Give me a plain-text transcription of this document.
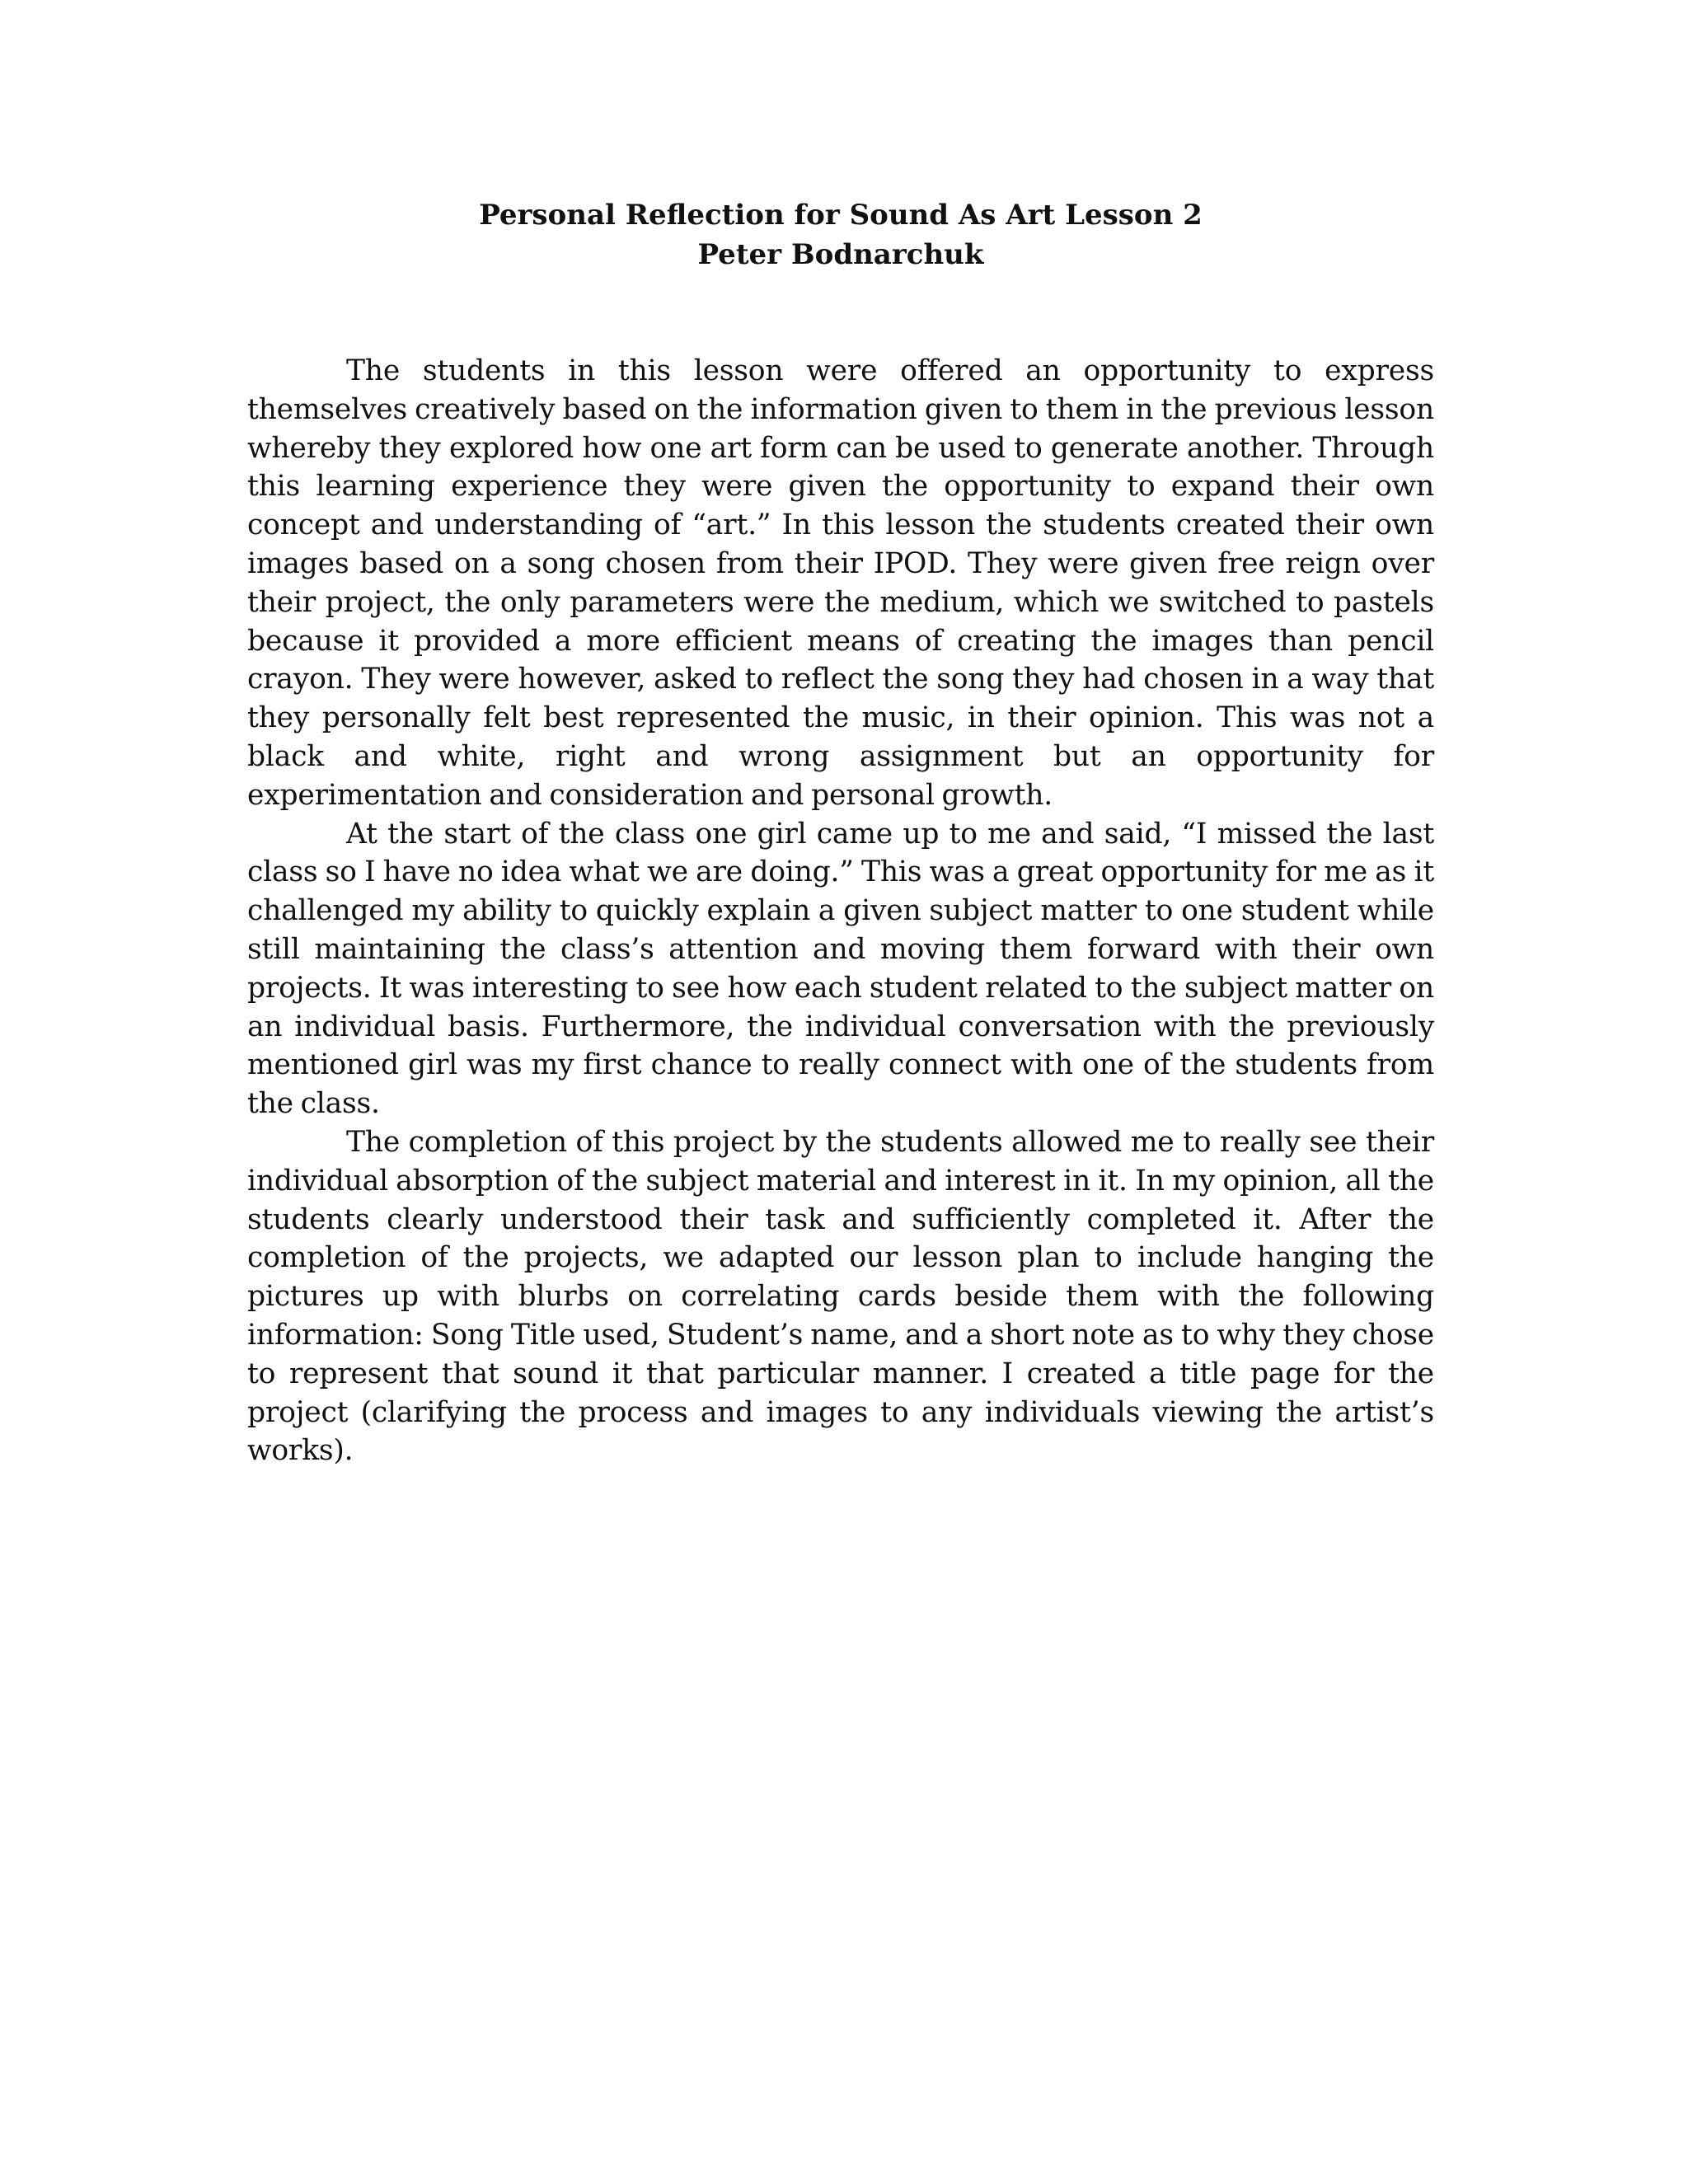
Personal Reflection for Sound As Art Lesson 2
Peter Bodnarchuk

The students in this lesson were offered an opportunity to express themselves creatively based on the information given to them in the previous lesson whereby they explored how one art form can be used to generate another. Through this learning experience they were given the opportunity to expand their own concept and understanding of “art.” In this lesson the students created their own images based on a song chosen from their IPOD. They were given free reign over their project, the only parameters were the medium, which we switched to pastels because it provided a more efficient means of creating the images than pencil crayon. They were however, asked to reflect the song they had chosen in a way that they personally felt best represented the music, in their opinion. This was not a black and white, right and wrong assignment but an opportunity for experimentation and consideration and personal growth.

At the start of the class one girl came up to me and said, “I missed the last class so I have no idea what we are doing.” This was a great opportunity for me as it challenged my ability to quickly explain a given subject matter to one student while still maintaining the class’s attention and moving them forward with their own projects. It was interesting to see how each student related to the subject matter on an individual basis. Furthermore, the individual conversation with the previously mentioned girl was my first chance to really connect with one of the students from the class.

The completion of this project by the students allowed me to really see their individual absorption of the subject material and interest in it. In my opinion, all the students clearly understood their task and sufficiently completed it. After the completion of the projects, we adapted our lesson plan to include hanging the pictures up with blurbs on correlating cards beside them with the following information: Song Title used, Student’s name, and a short note as to why they chose to represent that sound it that particular manner. I created a title page for the project (clarifying the process and images to any individuals viewing the artist’s works).
